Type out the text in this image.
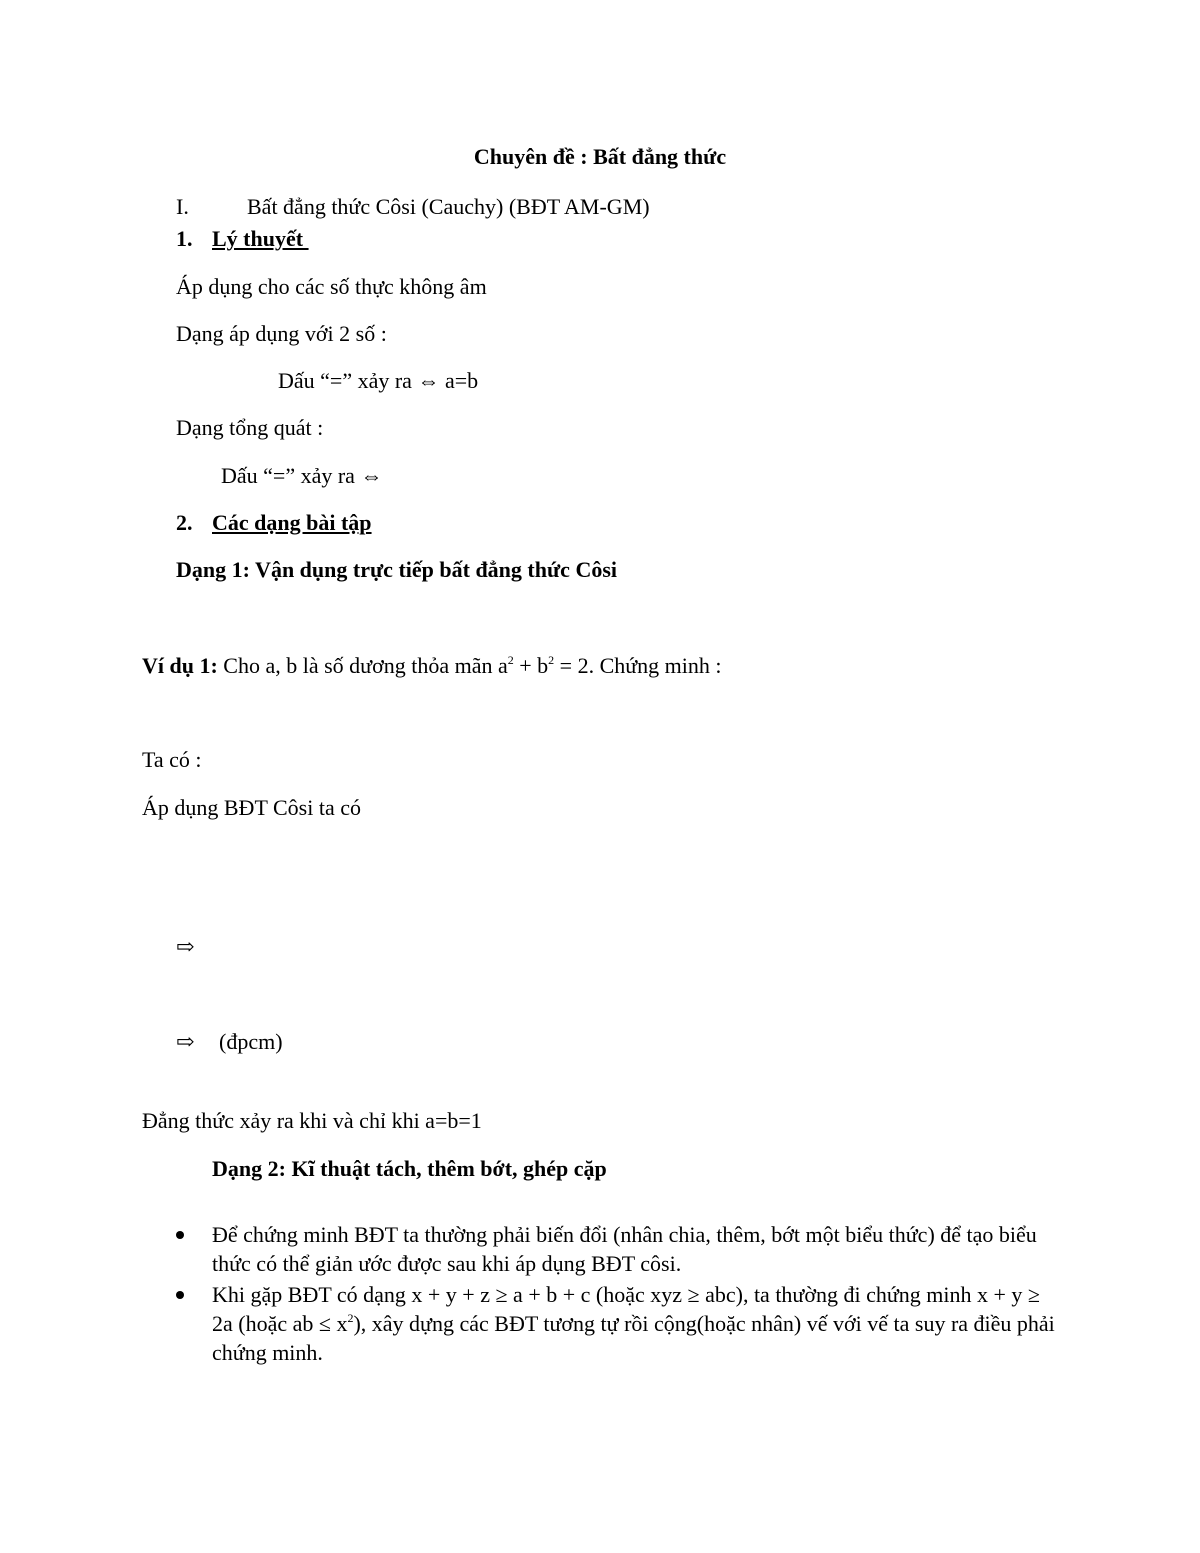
Chuyên đề : Bất đẳng thức
I.	Bất đẳng thức Côsi (Cauchy) (BĐT AM-GM)
1. Lý thuyết
Áp dụng cho các số thực không âm
Dạng áp dụng với 2 số :
Dấu “=” xảy ra ⇔ a=b
Dạng tổng quát :
Dấu “=” xảy ra ⇔
2. Các dạng bài tập
Dạng 1: Vận dụng trực tiếp bất đẳng thức Côsi
Ví dụ 1: Cho a, b là số dương thỏa mãn $a^2 + b^2 = 2$. Chứng minh :
Ta có :
Áp dụng BĐT Côsi ta có
⇨
⇨ (đpcm)
Đẳng thức xảy ra khi và chỉ khi a=b=1
Dạng 2: Kĩ thuật tách, thêm bớt, ghép cặp
Để chứng minh BĐT ta thường phải biến đổi (nhân chia, thêm, bớt một biểu thức) để tạo biểu thức có thể giản ước được sau khi áp dụng BĐT côsi.
Khi gặp BĐT có dạng x + y + z ≥ a + b + c (hoặc xyz ≥ abc), ta thường đi chứng minh x + y ≥ 2a (hoặc ab ≤ $x^2$), xây dựng các BĐT tương tự rồi cộng(hoặc nhân) vế với vế ta suy ra điều phải chứng minh.
